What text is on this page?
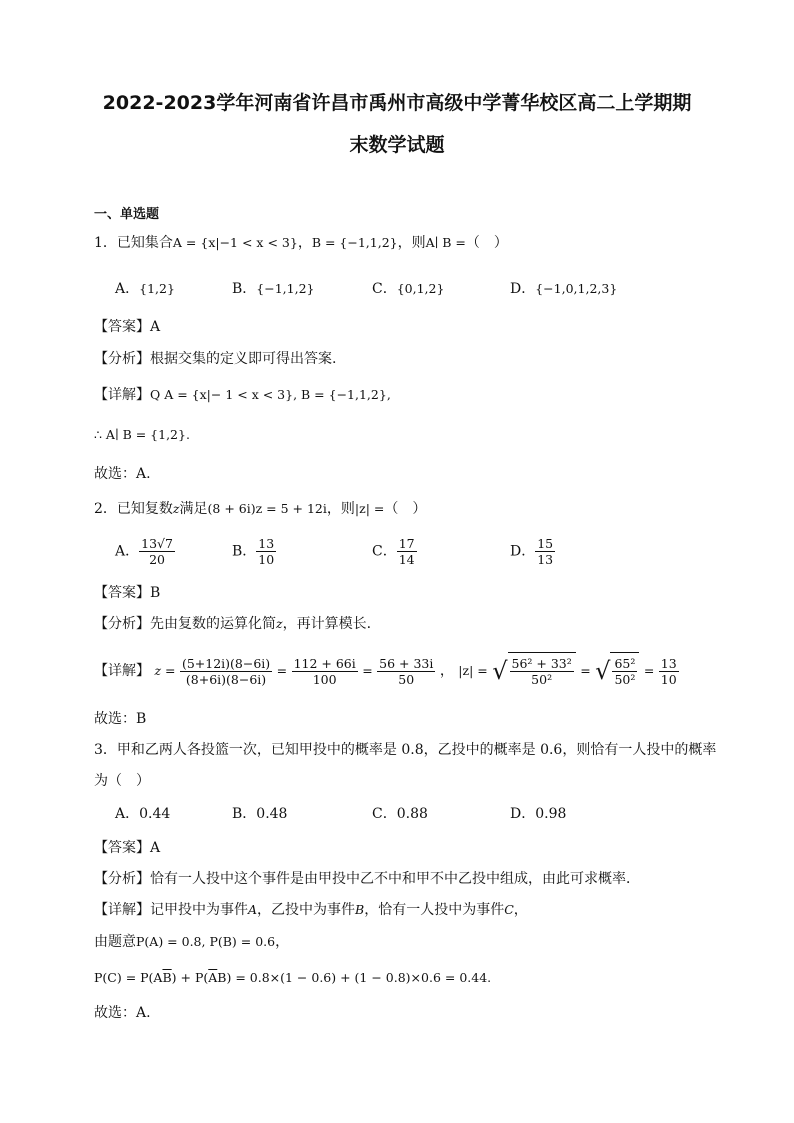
2022-2023学年河南省许昌市禹州市高级中学菁华校区高二上学期期
末数学试题
一、单选题
1．已知集合A = {x|−1 < x < 3}，B = {−1,1,2}，则A∣ B =（　）
A．{1,2}	B．{−1,1,2}	C．{0,1,2}	D．{−1,0,1,2,3}
【答案】A
【分析】根据交集的定义即可得出答案.
【详解】Q A = {x|− 1 < x < 3}, B = {−1,1,2},
∴ A∣ B = {1,2}.
故选：A.
2．已知复数z满足(8 + 6i)z = 5 + 12i，则|z| =（　）
A． $\frac{13√7}{20}$	B． $\frac{13}{10}$	C． $\frac{17}{14}$	D． $\frac{15}{13}$
【答案】B
【分析】先由复数的运算化简z，再计算模长.
【详解】 $z = \frac{(5+12i)(8-6i)}{(8+6i)(8-6i)} = \frac{112 + 66i}{100} = \frac{56 + 33i}{50}$ ， |z| = √ $\frac{\text{56² + 33²}}{\text{50²}}$ = √ $\frac{\text{65²}}{\text{50²}} = \frac{13}{10}$
故选：B
3．甲和乙两人各投篮一次，已知甲投中的概率是 0.8，乙投中的概率是 0.6，则恰有一人投中的概率
为（　）
A．0.44	B．0.48	C．0.88	D．0.98
【答案】A
【分析】恰有一人投中这个事件是由甲投中乙不中和甲不中乙投中组成，由此可求概率．
【详解】记甲投中为事件A，乙投中为事件B，恰有一人投中为事件C，
由题意P(A) = 0.8, P(B) = 0.6，
$P(C) = P(A\overline{B}) + P(\overline{A}B) = 0.8\times(1 - 0.6) + (1 - 0.8)\times 0.6 = 0.44$.
故选：A.
